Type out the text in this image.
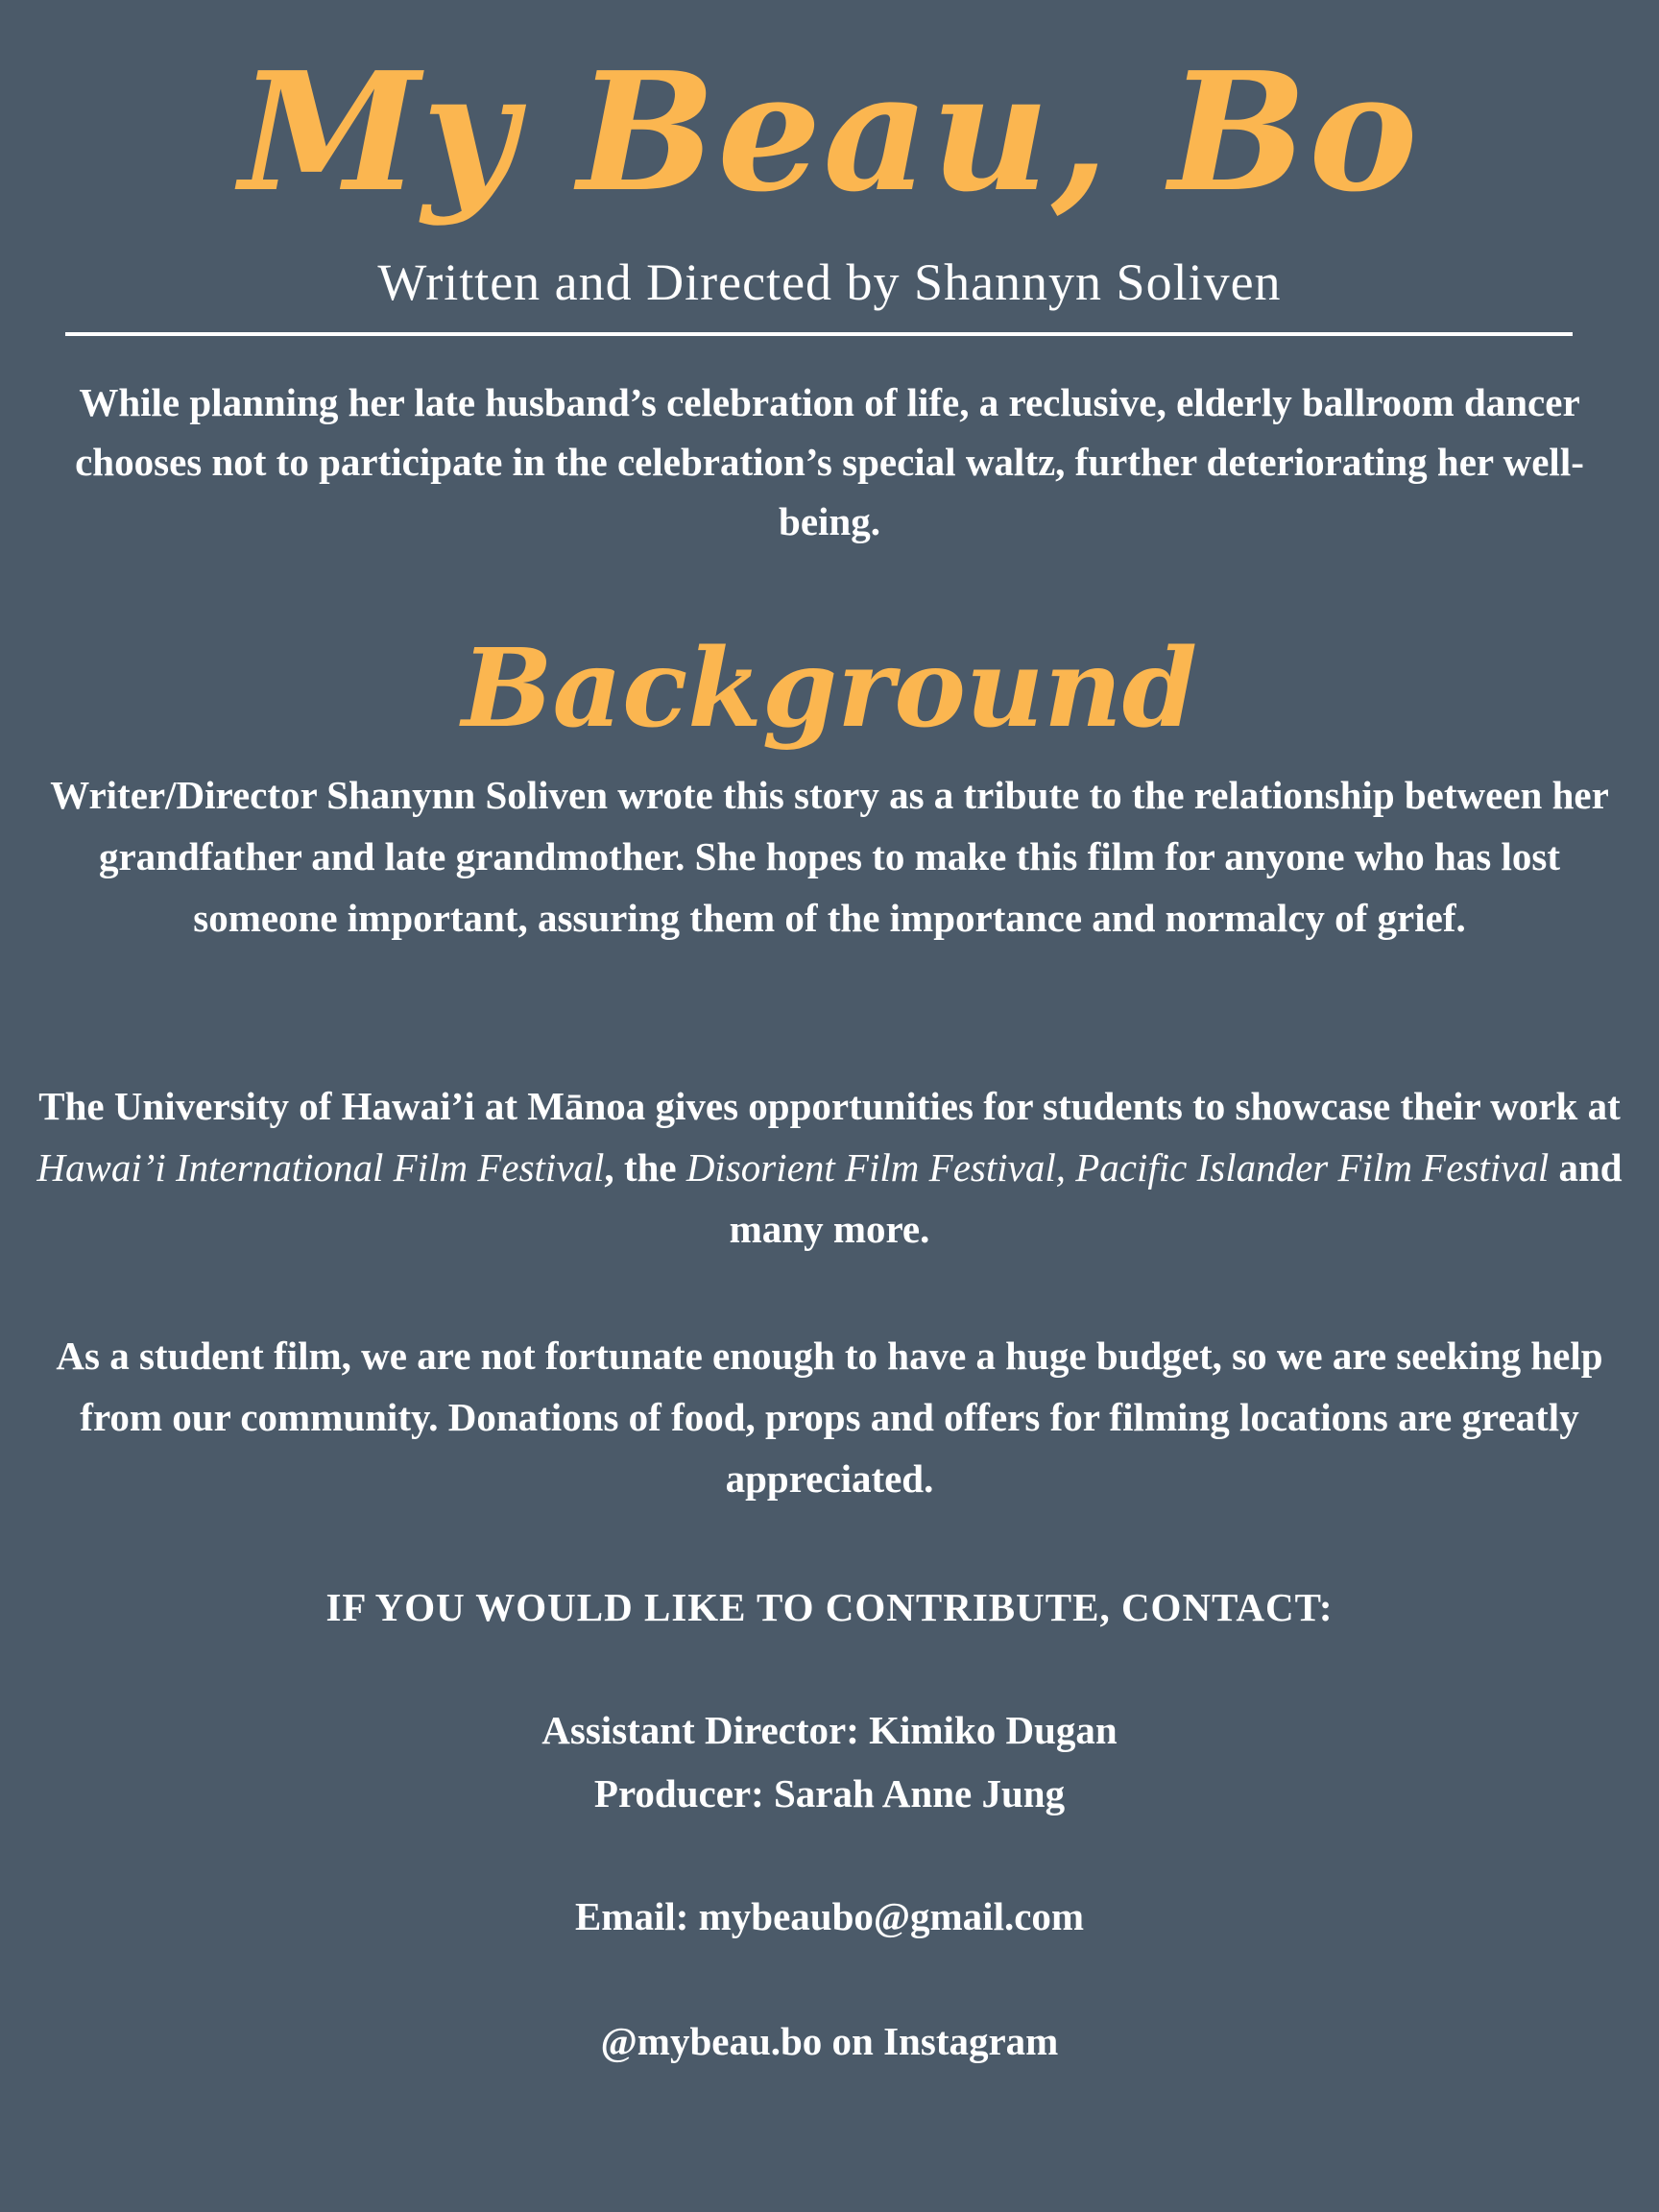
My Beau, Bo
Written and Directed by Shannyn Soliven

While planning her late husband’s celebration of life, a reclusive, elderly ballroom dancer chooses not to participate in the celebration’s special waltz, further deteriorating her well-being.

Background

Writer/Director Shanynn Soliven wrote this story as a tribute to the relationship between her grandfather and late grandmother. She hopes to make this film for anyone who has lost someone important, assuring them of the importance and normalcy of grief.

The University of Hawai’i at Mānoa gives opportunities for students to showcase their work at Hawai’i International Film Festival, the Disorient Film Festival, Pacific Islander Film Festival and many more.

As a student film, we are not fortunate enough to have a huge budget, so we are seeking help from our community. Donations of food, props and offers for filming locations are greatly appreciated.

IF YOU WOULD LIKE TO CONTRIBUTE, CONTACT:

Assistant Director: Kimiko Dugan

Producer: Sarah Anne Jung

Email: mybeaubo@gmail.com

@mybeau.bo on Instagram
